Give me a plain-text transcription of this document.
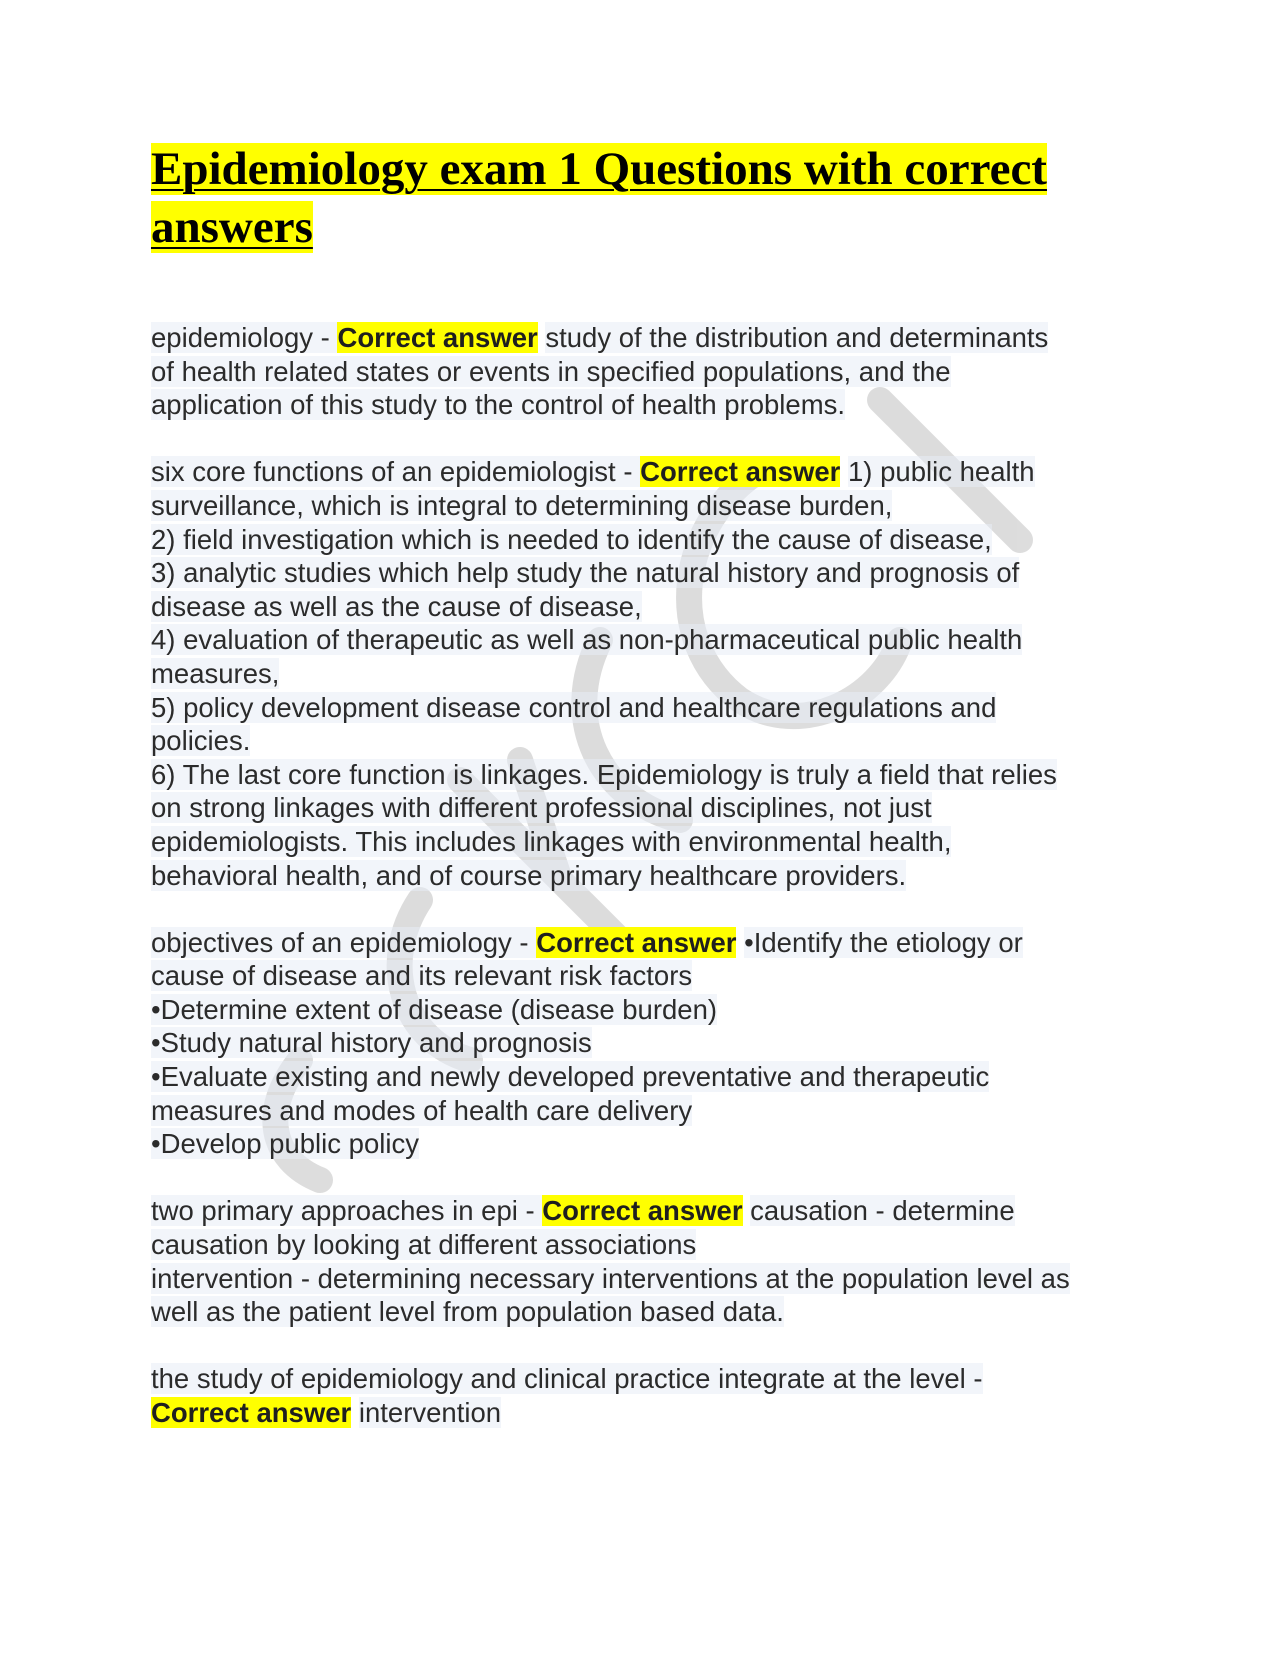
Epidemiology exam 1 Questions with correct
answers
epidemiology - Correct answer study of the distribution and determinants
of health related states or events in specified populations, and the
application of this study to the control of health problems.
six core functions of an epidemiologist - Correct answer 1) public health
surveillance, which is integral to determining disease burden,
2) field investigation which is needed to identify the cause of disease,
3) analytic studies which help study the natural history and prognosis of
disease as well as the cause of disease,
4) evaluation of therapeutic as well as non-pharmaceutical public health
measures,
5) policy development disease control and healthcare regulations and
policies.
6) The last core function is linkages. Epidemiology is truly a field that relies
on strong linkages with different professional disciplines, not just
epidemiologists. This includes linkages with environmental health,
behavioral health, and of course primary healthcare providers.
objectives of an epidemiology - Correct answer •Identify the etiology or
cause of disease and its relevant risk factors
•Determine extent of disease (disease burden)
•Study natural history and prognosis
•Evaluate existing and newly developed preventative and therapeutic
measures and modes of health care delivery
•Develop public policy
two primary approaches in epi - Correct answer causation - determine
causation by looking at different associations
intervention - determining necessary interventions at the population level as
well as the patient level from population based data.
the study of epidemiology and clinical practice integrate at the level -
Correct answer intervention
